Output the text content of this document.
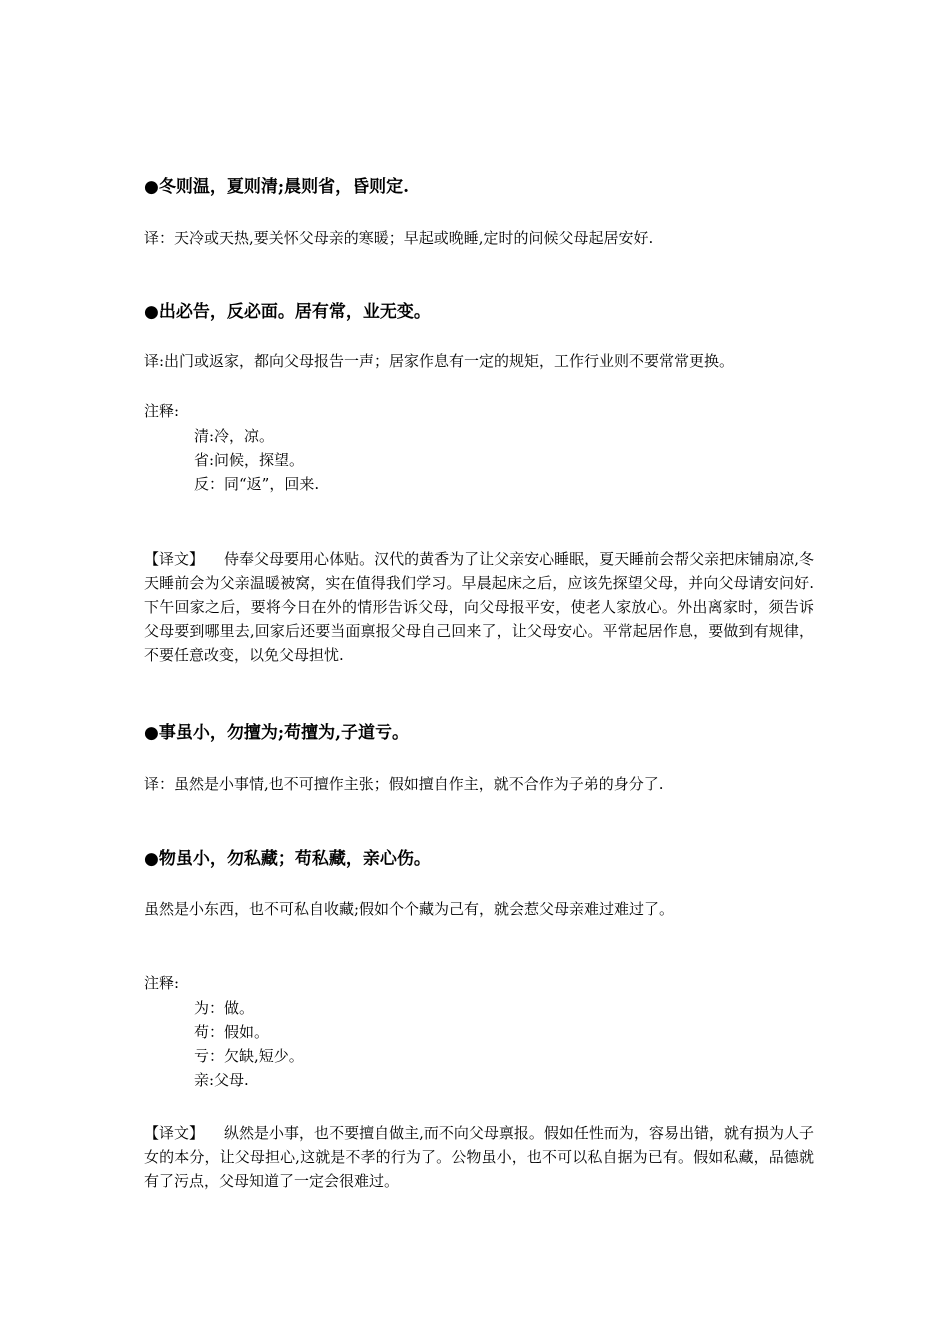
●冬则温，夏则清;晨则省，昏则定.

译：天冷或天热,要关怀父母亲的寒暖；早起或晚睡,定时的问候父母起居安好.

●出必告，反必面。居有常，业无变。

译:出门或返家，都向父母报告一声；居家作息有一定的规矩，工作行业则不要常常更换。

注释:

清:冷，凉。
省:问候，探望。
反：同“返”，回来.

【译文】 侍奉父母要用心体贴。汉代的黄香为了让父亲安心睡眠，夏天睡前会帮父亲把床铺扇凉,冬天睡前会为父亲温暖被窝，实在值得我们学习。早晨起床之后，应该先探望父母，并向父母请安问好.下午回家之后，要将今日在外的情形告诉父母，向父母报平安，使老人家放心。外出离家时，须告诉父母要到哪里去,回家后还要当面禀报父母自己回来了，让父母安心。平常起居作息，要做到有规律，不要任意改变，以免父母担忧.

●事虽小，勿擅为;苟擅为,子道亏。

译：虽然是小事情,也不可擅作主张；假如擅自作主，就不合作为子弟的身分了.

●物虽小，勿私藏；苟私藏，亲心伤。

虽然是小东西，也不可私自收藏;假如个个藏为己有，就会惹父母亲难过难过了。

注释:

为：做。
苟：假如。
亏：欠缺,短少。
亲:父母.

【译文】 纵然是小事，也不要擅自做主,而不向父母禀报。假如任性而为，容易出错，就有损为人子女的本分，让父母担心,这就是不孝的行为了。公物虽小，也不可以私自据为已有。假如私藏，品德就有了污点，父母知道了一定会很难过。
